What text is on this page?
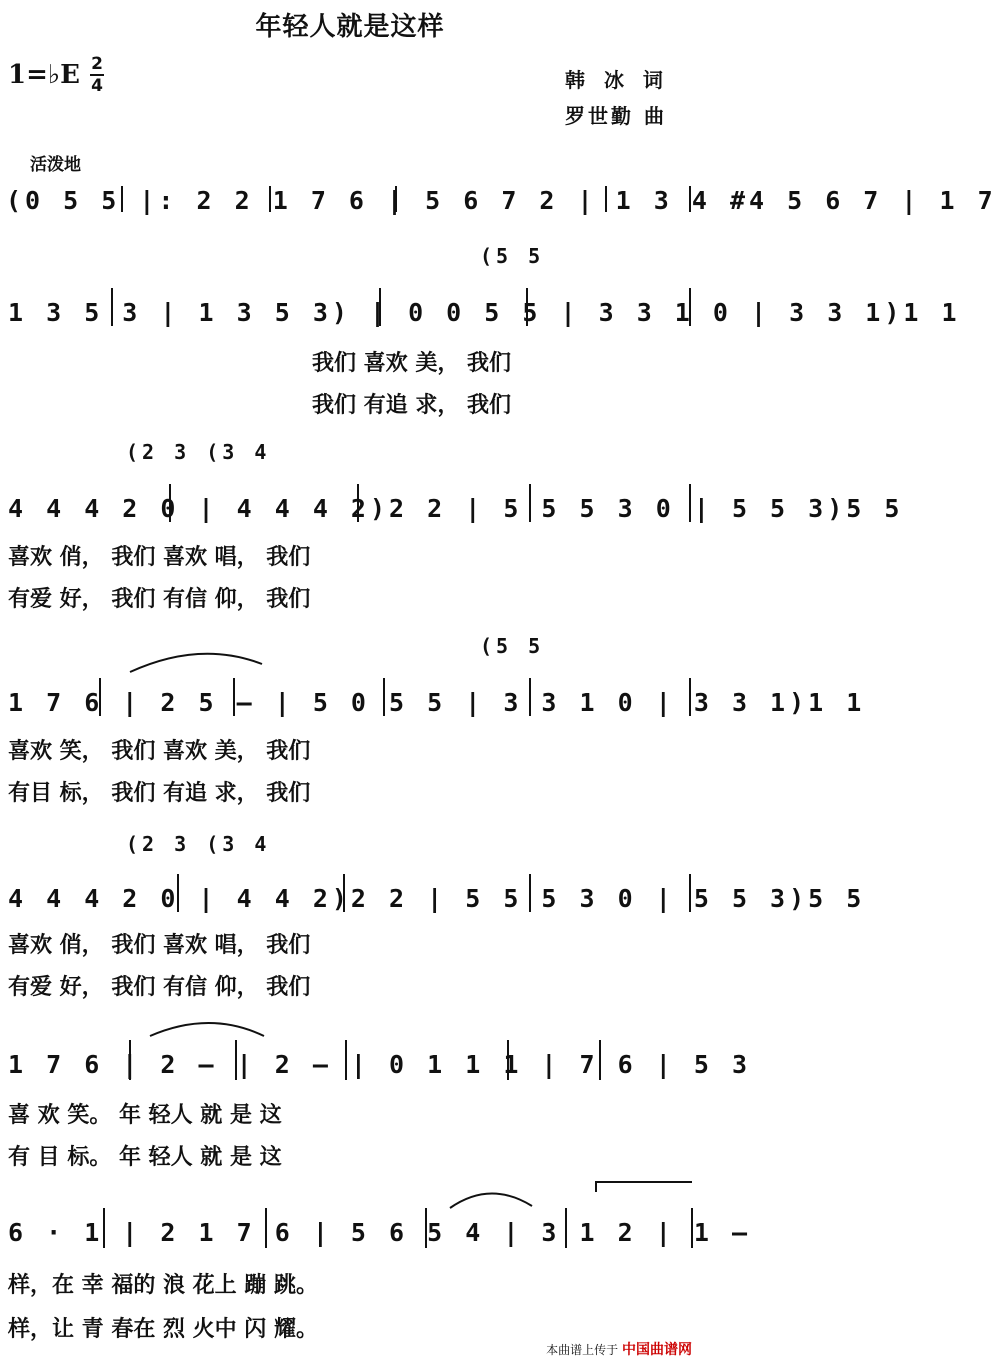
年轻人就是这样
1=♭E 2
4	韩 冰 词
罗世勤 曲
活泼地
(0 5 5 |: 2 2 1 7 6 | 5 6 7 2 | 1 3 4 #4 5 6 7 | 1 7
(5 5
1 3 5 3 | 1 3 5 3) | 0 0 5 5 | 3 3 1 0 | 3 3 1)1 1
我们 喜欢 美， 我们
我们 有追 求， 我们
(2 3 (3 4
4 4 4 2 0 | 4 4 4 2)2 2 | 5 5 5 3 0 | 5 5 3)5 5
喜欢 俏， 我们 喜欢 唱， 我们
有爱 好， 我们 有信 仰， 我们
(5 5
1 7 6 | 2 5 — | 5 0 5 5 | 3 3 1 0 | 3 3 1)1 1
喜欢 笑， 我们 喜欢 美， 我们
有目 标， 我们 有追 求， 我们
(2 3 (3 4
4 4 4 2 0 | 4 4 2)2 2 | 5 5 5 3 0 | 5 5 3)5 5
喜欢 俏， 我们 喜欢 唱， 我们
有爱 好， 我们 有信 仰， 我们
1 7 6 | 2 — | 2 — | 0 1 1 1 | 7 6 | 5 3
喜 欢 笑。 年 轻人 就 是 这
有 目 标。 年 轻人 就 是 这
6 · 1 | 2 1 7 6 | 5 6 5 4 | 3 1 2 | 1 —
样，在 幸 福的 浪 花上 蹦 跳。
样，让 青 春在 烈 火中 闪 耀。
本曲谱上传于 中国曲谱网
